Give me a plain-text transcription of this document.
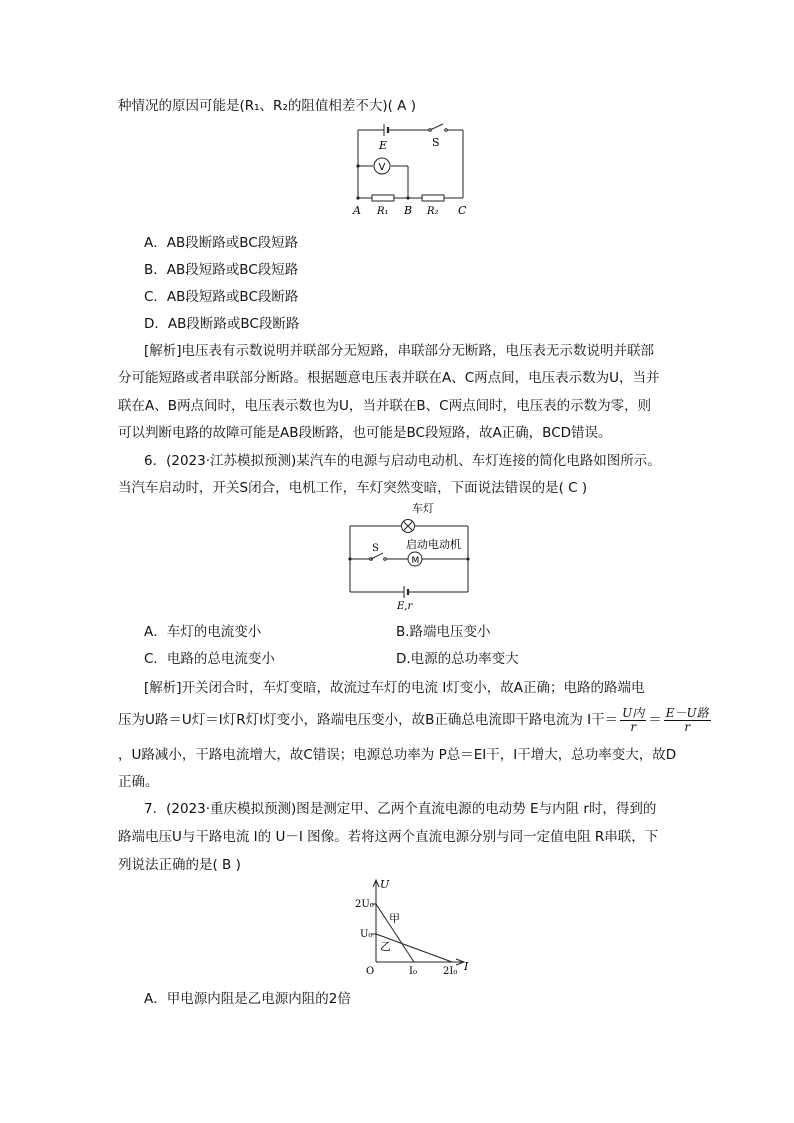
种情况的原因可能是(R₁、R₂的阻值相差不大)( A )
E	S
V
A R₁ B R₂ C
A．AB段断路或BC段短路
B．AB段短路或BC段短路
C．AB段短路或BC段断路
D．AB段断路或BC段断路
[解析]电压表有示数说明并联部分无短路，串联部分无断路，电压表无示数说明并联部
分可能短路或者串联部分断路。根据题意电压表并联在A、C两点间，电压表示数为U，当并
联在A、B两点间时，电压表示数也为U，当并联在B、C两点间时，电压表的示数为零，则
可以判断电路的故障可能是AB段断路，也可能是BC段短路，故A正确，BCD错误。
6．(2023·江苏模拟预测)某汽车的电源与启动电动机、车灯连接的简化电路如图所示。
当汽车启动时，开关S闭合，电机工作，车灯突然变暗，下面说法错误的是( C )
车灯
启动电动机
S
M
E,r
A．车灯的电流变小	B.路端电压变小
C．电路的总电流变小	D.电源的总功率变大
[解析]开关闭合时，车灯变暗，故流过车灯的电流 I灯变小，故A正确；电路的路端电
压为U路＝U灯＝I灯R灯I灯变小，路端电压变小，故B正确总电流即干路电流为 I干＝ $\frac{\text{U内}}{r} = \frac{\text{E－U路}}{r}$
，U路减小，干路电流增大，故C错误；电源总功率为 P总＝EI干，I干增大，总功率变大，故D
正确。
7．(2023·重庆模拟预测)图是测定甲、乙两个直流电源的电动势 E与内阻 r时，得到的
路端电压U与干路电流 I的 U－I 图像。若将这两个直流电源分别与同一定值电阻 R串联，下
列说法正确的是( B )
U
I
O
2U₀
U₀
I₀	2I₀
甲
乙
A．甲电源内阻是乙电源内阻的2倍
